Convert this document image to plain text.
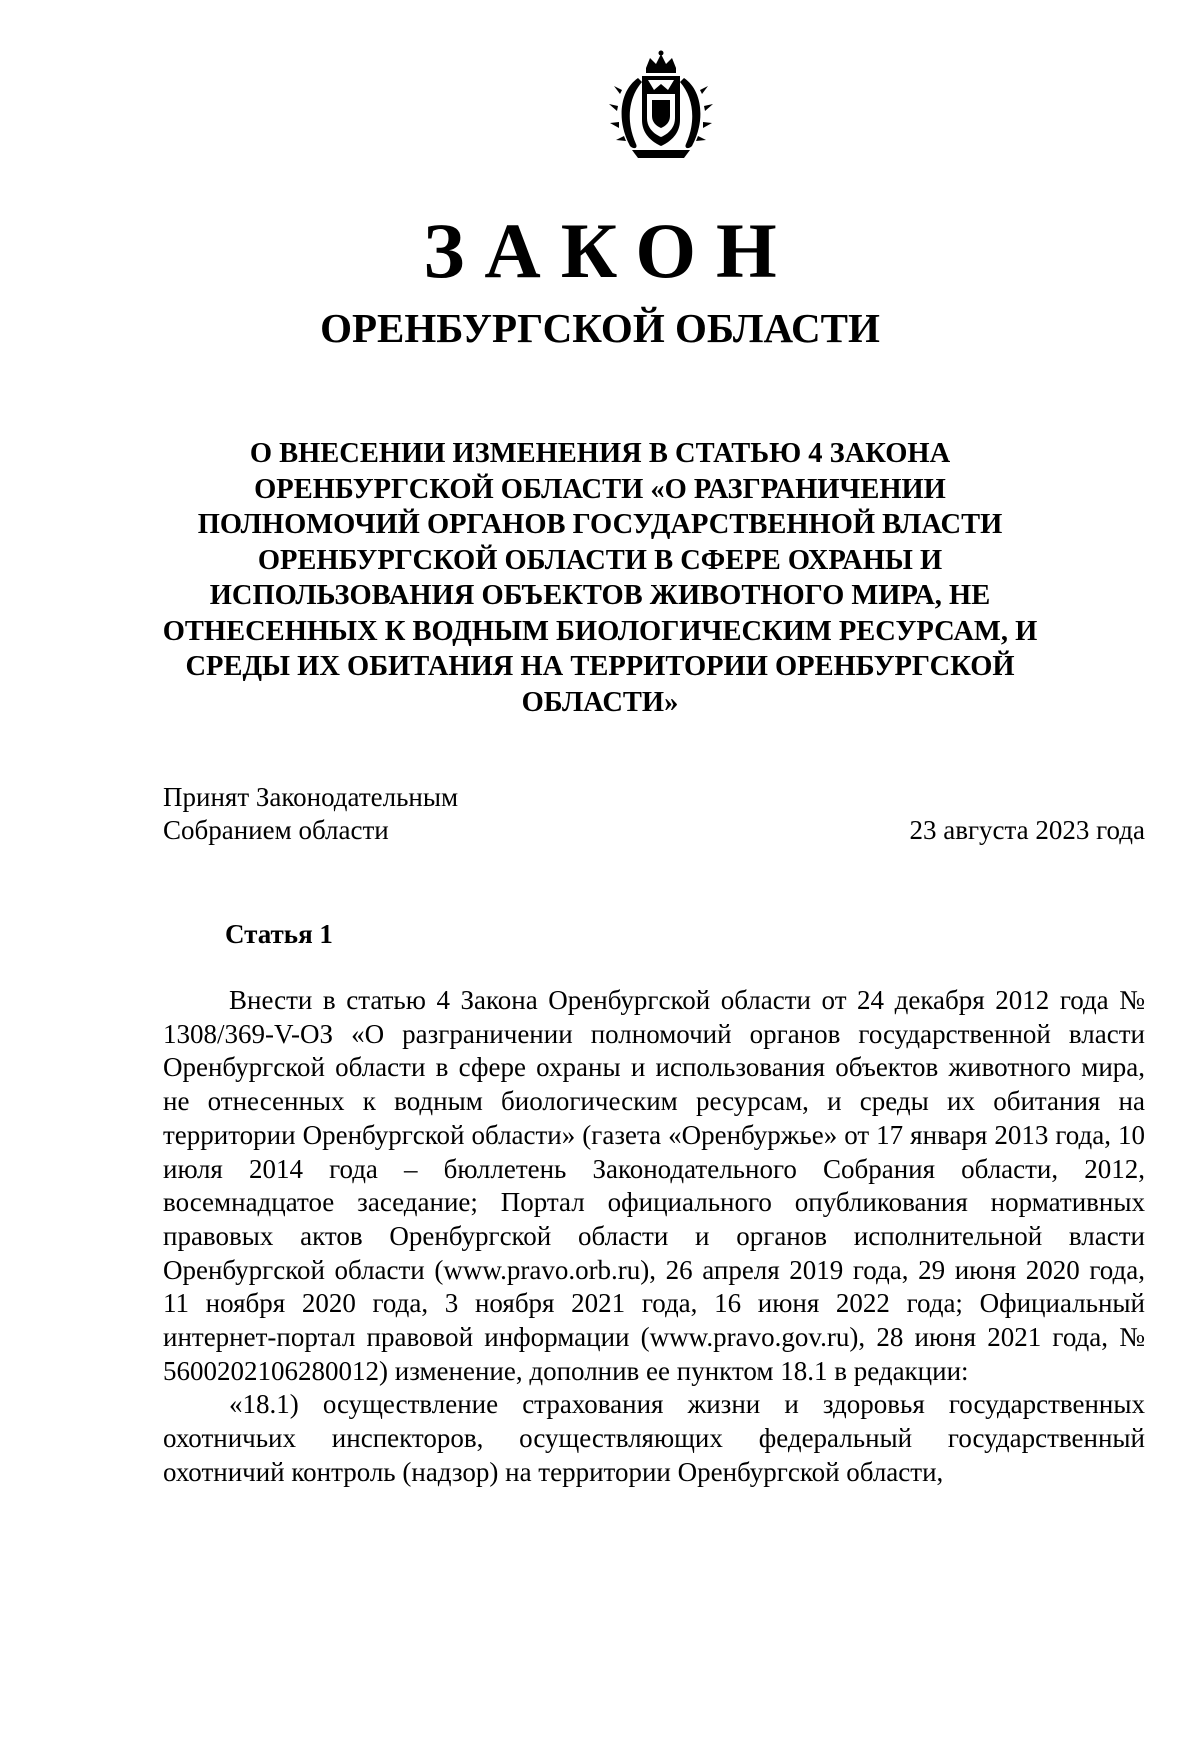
ЗАКОН
ОРЕНБУРГСКОЙ ОБЛАСТИ
О ВНЕСЕНИИ ИЗМЕНЕНИЯ В СТАТЬЮ 4 ЗАКОНА ОРЕНБУРГСКОЙ ОБЛАСТИ «О РАЗГРАНИЧЕНИИ ПОЛНОМОЧИЙ ОРГАНОВ ГОСУДАРСТВЕННОЙ ВЛАСТИ ОРЕНБУРГСКОЙ ОБЛАСТИ В СФЕРЕ ОХРАНЫ И ИСПОЛЬЗОВАНИЯ ОБЪЕКТОВ ЖИВОТНОГО МИРА, НЕ ОТНЕСЕННЫХ К ВОДНЫМ БИОЛОГИЧЕСКИМ РЕСУРСАМ, И СРЕДЫ ИХ ОБИТАНИЯ НА ТЕРРИТОРИИ ОРЕНБУРГСКОЙ ОБЛАСТИ»
Принят Законодательным
Собранием области	23 августа 2023 года
Статья 1

Внести в статью 4 Закона Оренбургской области от 24 декабря 2012 года № 1308/369-V-ОЗ «О разграничении полномочий органов государственной власти Оренбургской области в сфере охраны и использования объектов животного мира, не отнесенных к водным биологическим ресурсам, и среды их обитания на территории Оренбургской области» (газета «Оренбуржье» от 17 января 2013 года, 10 июля 2014 года – бюллетень Законодательного Собрания области, 2012, восемнадцатое заседание; Портал официального опубликования нормативных правовых актов Оренбургской области и органов исполнительной власти Оренбургской области (www.pravo.orb.ru), 26 апреля 2019 года, 29 июня 2020 года, 11 ноября 2020 года, 3 ноября 2021 года, 16 июня 2022 года; Официальный интернет-портал правовой информации (www.pravo.gov.ru), 28 июня 2021 года, № 5600202106280012) изменение, дополнив ее пунктом 18.1 в редакции:

«18.1) осуществление страхования жизни и здоровья государственных охотничьих инспекторов, осуществляющих федеральный государственный охотничий контроль (надзор) на территории Оренбургской области,
